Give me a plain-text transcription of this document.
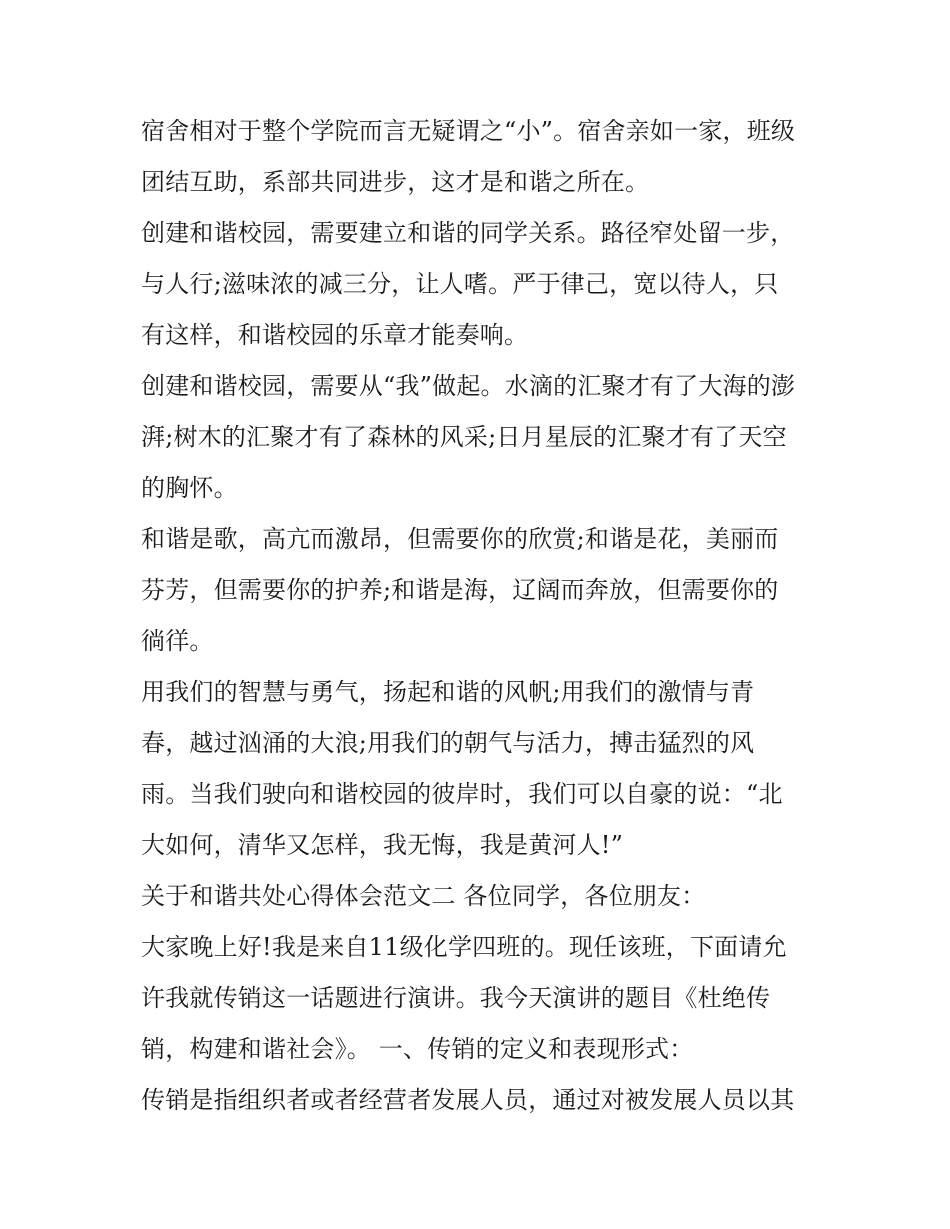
宿舍相对于整个学院而言无疑谓之“小”。宿舍亲如一家，班级
团结互助，系部共同进步，这才是和谐之所在。
创建和谐校园，需要建立和谐的同学关系。路径窄处留一步，
与人行;滋味浓的减三分，让人嗜。严于律己，宽以待人，只
有这样，和谐校园的乐章才能奏响。
创建和谐校园，需要从“我”做起。水滴的汇聚才有了大海的澎
湃;树木的汇聚才有了森林的风采;日月星辰的汇聚才有了天空
的胸怀。
和谐是歌，高亢而激昂，但需要你的欣赏;和谐是花，美丽而
芬芳，但需要你的护养;和谐是海，辽阔而奔放，但需要你的
徜徉。
用我们的智慧与勇气，扬起和谐的风帆;用我们的激情与青
春，越过汹涌的大浪;用我们的朝气与活力，搏击猛烈的风
雨。当我们驶向和谐校园的彼岸时，我们可以自豪的说：“北
大如何，清华又怎样，我无悔，我是黄河人!”
关于和谐共处心得体会范文二 各位同学，各位朋友：
大家晚上好!我是来自11级化学四班的。现任该班，下面请允
许我就传销这一话题进行演讲。我今天演讲的题目《杜绝传
销，构建和谐社会》。 一、传销的定义和表现形式：
传销是指组织者或者经营者发展人员，通过对被发展人员以其
